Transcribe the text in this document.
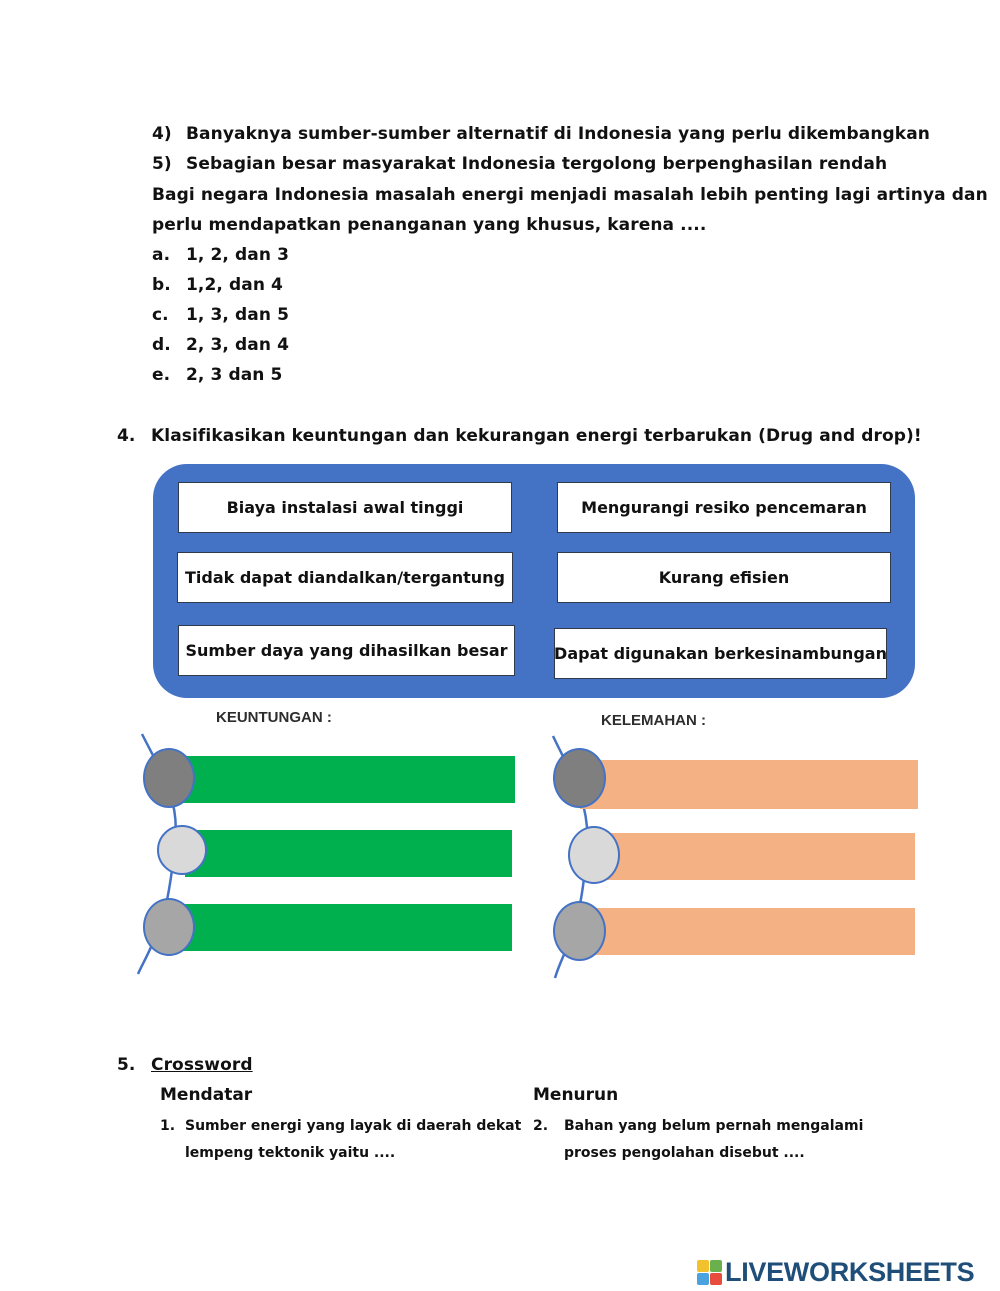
4) Banyaknya sumber-sumber alternatif di Indonesia yang perlu dikembangkan
5) Sebagian besar masyarakat Indonesia tergolong berpenghasilan rendah
Bagi negara Indonesia masalah energi menjadi masalah lebih penting lagi artinya dan
perlu mendapatkan penanganan yang khusus, karena ....
a. 1, 2, dan 3
b. 1,2, dan 4
c. 1, 3, dan 5
d. 2, 3, dan 4
e. 2, 3 dan 5
4. Klasifikasikan keuntungan dan kekurangan energi terbarukan (Drug and drop)!
Biaya instalasi awal tinggi	Mengurangi resiko pencemaran
Tidak dapat diandalkan/tergantung	Kurang efisien
Sumber daya yang dihasilkan besar	Dapat digunakan berkesinambungan
KEUNTUNGAN :	KELEMAHAN :
5. Crossword
Mendatar	Menurun
1. Sumber energi yang layak di daerah dekat
lempeng tektonik yaitu ....
2. Bahan yang belum pernah mengalami
proses pengolahan disebut ....
LIVEWORKSHEETS
